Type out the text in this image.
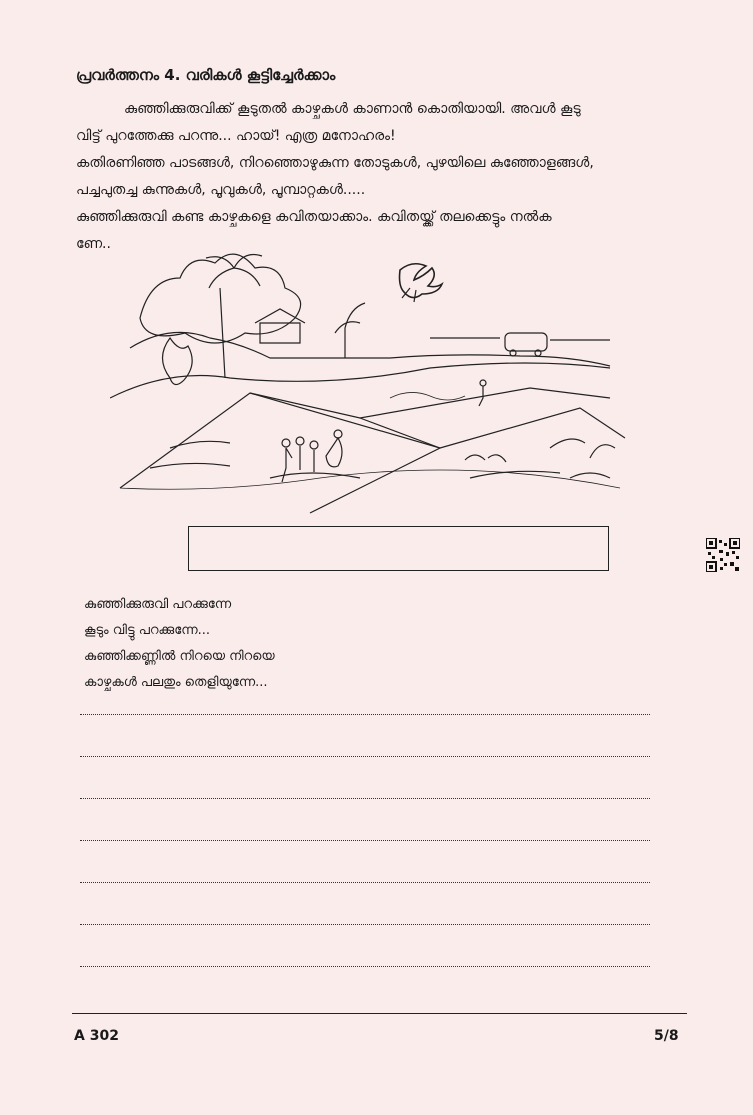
പ്രവർത്തനം 4. വരികൾ കൂട്ടിച്ചേർക്കാം
കുഞ്ഞിക്കുരുവിക്ക് കൂടുതൽ കാഴ്ചകൾ കാണാൻ കൊതിയായി. അവൾ കൂടു
വിട്ട് പുറത്തേക്കു പറന്നു... ഹായ്! എത്ര മനോഹരം!
കതിരണിഞ്ഞ പാടങ്ങൾ, നിറഞ്ഞൊഴുകുന്ന തോടുകൾ, പുഴയിലെ കുഞ്ഞോളങ്ങൾ,
പച്ചപുതച്ച കുന്നുകൾ, പൂവുകൾ, പൂമ്പാറ്റകൾ.....
കുഞ്ഞിക്കുരുവി കണ്ട കാഴ്ചകളെ കവിതയാക്കാം. കവിതയ്ക്ക് തലക്കെട്ടും നൽക
ണേ..
കുഞ്ഞിക്കുരുവി പറക്കുന്നേ
കൂടും വിട്ടു പറക്കുന്നേ...
കുഞ്ഞിക്കണ്ണിൽ നിറയെ നിറയെ
കാഴ്ചകൾ പലതും തെളിയുന്നേ...
A 302	5/8
